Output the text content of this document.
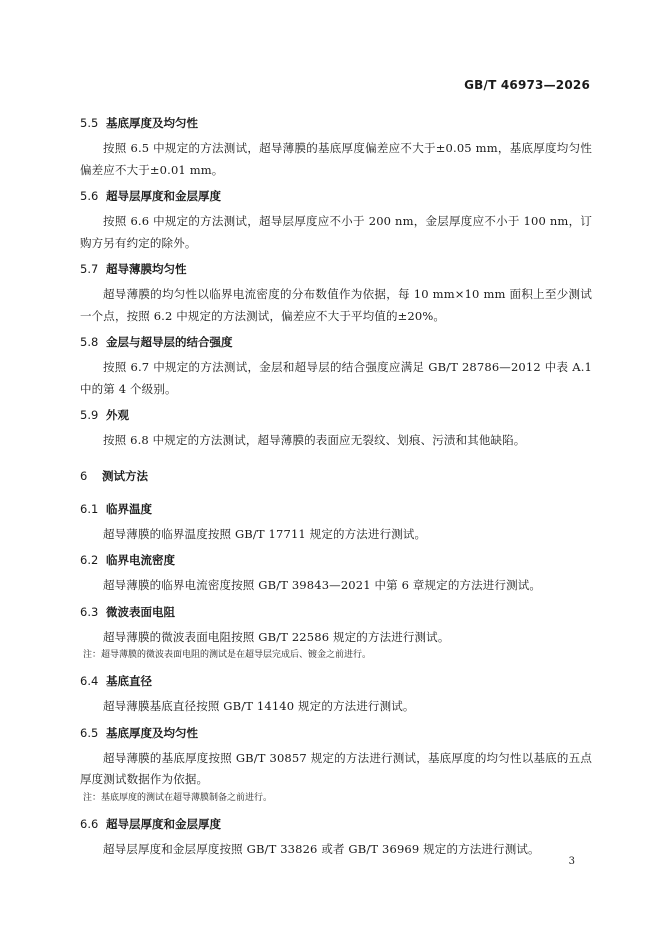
GB/T 46973—2026
5.5 基底厚度及均匀性
按照 6.5 中规定的方法测试，超导薄膜的基底厚度偏差应不大于±0.05 mm，基底厚度均匀性偏差应不大于±0.01 mm。
5.6 超导层厚度和金层厚度
按照 6.6 中规定的方法测试，超导层厚度应不小于 200 nm，金层厚度应不小于 100 nm，订购方另有约定的除外。
5.7 超导薄膜均匀性
超导薄膜的均匀性以临界电流密度的分布数值作为依据，每 10 mm×10 mm 面积上至少测试一个点，按照 6.2 中规定的方法测试，偏差应不大于平均值的±20%。
5.8 金层与超导层的结合强度
按照 6.7 中规定的方法测试，金层和超导层的结合强度应满足 GB/T 28786—2012 中表 A.1 中的第 4 个级别。
5.9 外观
按照 6.8 中规定的方法测试，超导薄膜的表面应无裂纹、划痕、污渍和其他缺陷。
6	测试方法
6.1 临界温度
超导薄膜的临界温度按照 GB/T 17711 规定的方法进行测试。
6.2 临界电流密度
超导薄膜的临界电流密度按照 GB/T 39843—2021 中第 6 章规定的方法进行测试。
6.3 微波表面电阻
超导薄膜的微波表面电阻按照 GB/T 22586 规定的方法进行测试。
注：超导薄膜的微波表面电阻的测试是在超导层完成后、镀金之前进行。
6.4 基底直径
超导薄膜基底直径按照 GB/T 14140 规定的方法进行测试。
6.5 基底厚度及均匀性
超导薄膜的基底厚度按照 GB/T 30857 规定的方法进行测试，基底厚度的均匀性以基底的五点厚度测试数据作为依据。
注：基底厚度的测试在超导薄膜制备之前进行。
6.6 超导层厚度和金层厚度
超导层厚度和金层厚度按照 GB/T 33826 或者 GB/T 36969 规定的方法进行测试。
3
